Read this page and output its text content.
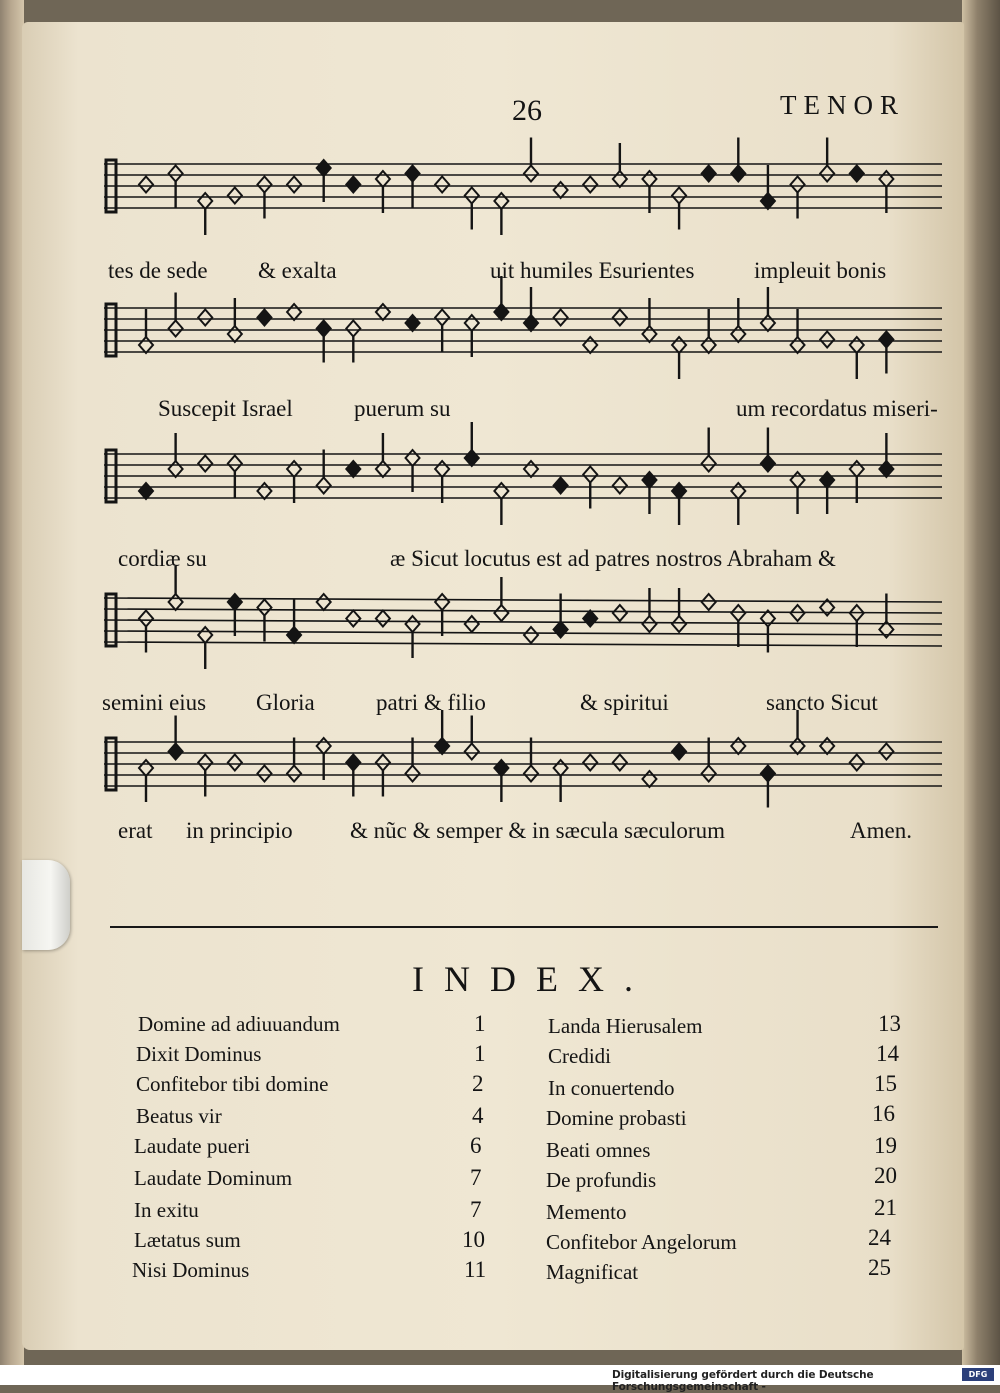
26	TENOR
tes de sede & exalta	uit humiles Esurientes	impleuit bonis
Suscepit Israel	puerum su	um recordatus miseri-
cordiæ su	æ Sicut locutus est ad patres nostros Abraham &
semini eius Gloria	patri & filio	& spiritui	sancto Sicut
erat in principio & nũc & semper & in sæcula sæculorum	Amen.
INDEX.
Domine ad adiuuandum	1
Dixit Dominus	1
Confitebor tibi domine	2
Beatus vir	4
Laudate pueri	6
Laudate Dominum	7
In exitu	7
Lætatus sum	10
Nisi Dominus	11
Landa Hierusalem	13
Credidi	14
In conuertendo	15
Domine probasti	16
Beati omnes	19
De profundis	20
Memento	21
Confitebor Angelorum	24
Magnificat	25
Digitalisierung gefördert durch die Deutsche Forschungsgemeinschaft -
DFG
